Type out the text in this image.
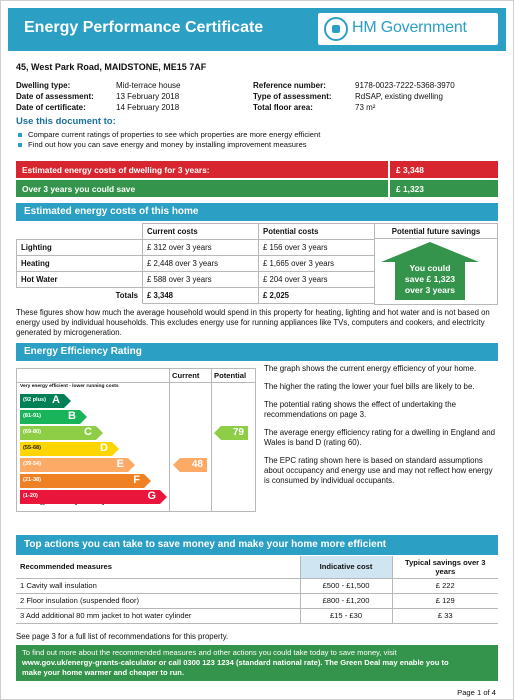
Energy Performance Certificate	HM Government
45, West Park Road, MAIDSTONE, ME15 7AF
Dwelling type:	Mid-terrace house
Date of assessment:	13 February 2018
Date of certificate:	14 February 2018
Reference number:	9178-0023-7222-5368-3970
Type of assessment:	RdSAP, existing dwelling
Total floor area:	73 m²
Use this document to:
Compare current ratings of properties to see which properties are more energy efficient
Find out how you can save energy and money by installing improvement measures
Estimated energy costs of dwelling for 3 years:	£ 3,348
Over 3 years you could save	£ 1,323
Estimated energy costs of this home
	Current costs	Potential costs
Lighting	£ 312 over 3 years	£ 156 over 3 years
Heating	£ 2,448 over 3 years	£ 1,665 over 3 years
Hot Water	£ 588 over 3 years	£ 204 over 3 years
Totals	£ 3,348	£ 2,025
Potential future savings
You could
save £ 1,323
over 3 years
These figures show how much the average household would spend in this property for heating, lighting and hot water and is not based on energy used by individual households. This excludes energy use for running appliances like TVs, computers and cookers, and electricity generated by microgeneration.
Energy Efficiency Rating
Current Potential
Very energy efficient - lower running costs
(92 plus) A
(81-91) B
(69-80)	C
(55-68)	D
(39-54)	E
(21-38)	F
(1-20)	G
48
79

The graph shows the current energy efficiency of your home.

The higher the rating the lower your fuel bills are likely to be.

The potential rating shows the effect of undertaking the recommendations on page 3.

The average energy efficiency rating for a dwelling in England and Wales is band D (rating 60).

The EPC rating shown here is based on standard assumptions about occupancy and energy use and may not reflect how energy is consumed by individual occupants.

Top actions you can take to save money and make your home more efficient
Recommended measures	Indicative cost	Typical savings over 3 years
1 Cavity wall insulation	£500 - £1,500	£ 222
2 Floor insulation (suspended floor)	£800 - £1,200	£ 129
3 Add additional 80 mm jacket to hot water cylinder	£15 - £30	£ 33
See page 3 for a full list of recommendations for this property.
To find out more about the recommended measures and other actions you could take today to save money, visit
www.gov.uk/energy-grants-calculator or call 0300 123 1234 (standard national rate). The Green Deal may enable you to
make your home warmer and cheaper to run.
Page 1 of 4
